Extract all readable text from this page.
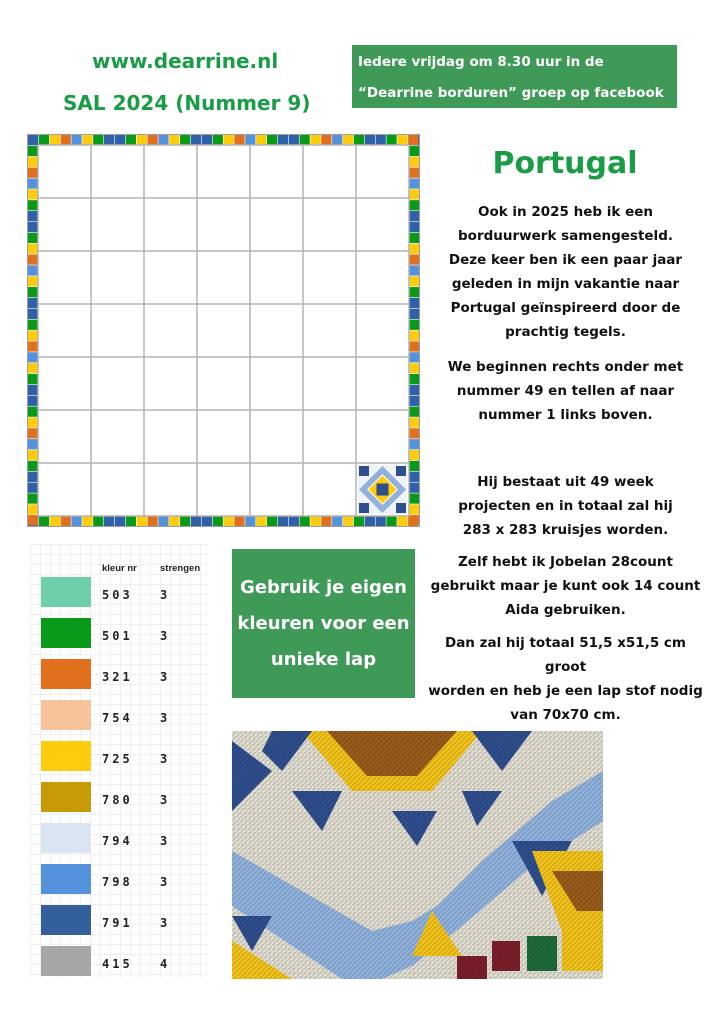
www.dearrine.nl
SAL 2024 (Nummer 9)
Iedere vrijdag om 8.30 uur in de
“Dearrine borduren” groep op facebook
Portugal
Ook in 2025 heb ik een
borduurwerk samengesteld.
Deze keer ben ik een paar jaar
geleden in mijn vakantie naar
Portugal geïnspireerd door de
prachtig tegels.
We beginnen rechts onder met
nummer 49 en tellen af naar
nummer 1 links boven.
Hij bestaat uit 49 week
projecten en in totaal zal hij
283 x 283 kruisjes worden.
Zelf hebt ik Jobelan 28count
gebruikt maar je kunt ook 14 count
Aida gebruiken.
Dan zal hij totaal 51,5 x51,5 cm groot
worden en heb je een lap stof nodig
van 70x70 cm.
kleur nr strengen
503 3
501 3
321 3
754 3
725 3
780 3
794 3
798 3
791 3
415 4
Gebruik je eigen
kleuren voor een
unieke lap
